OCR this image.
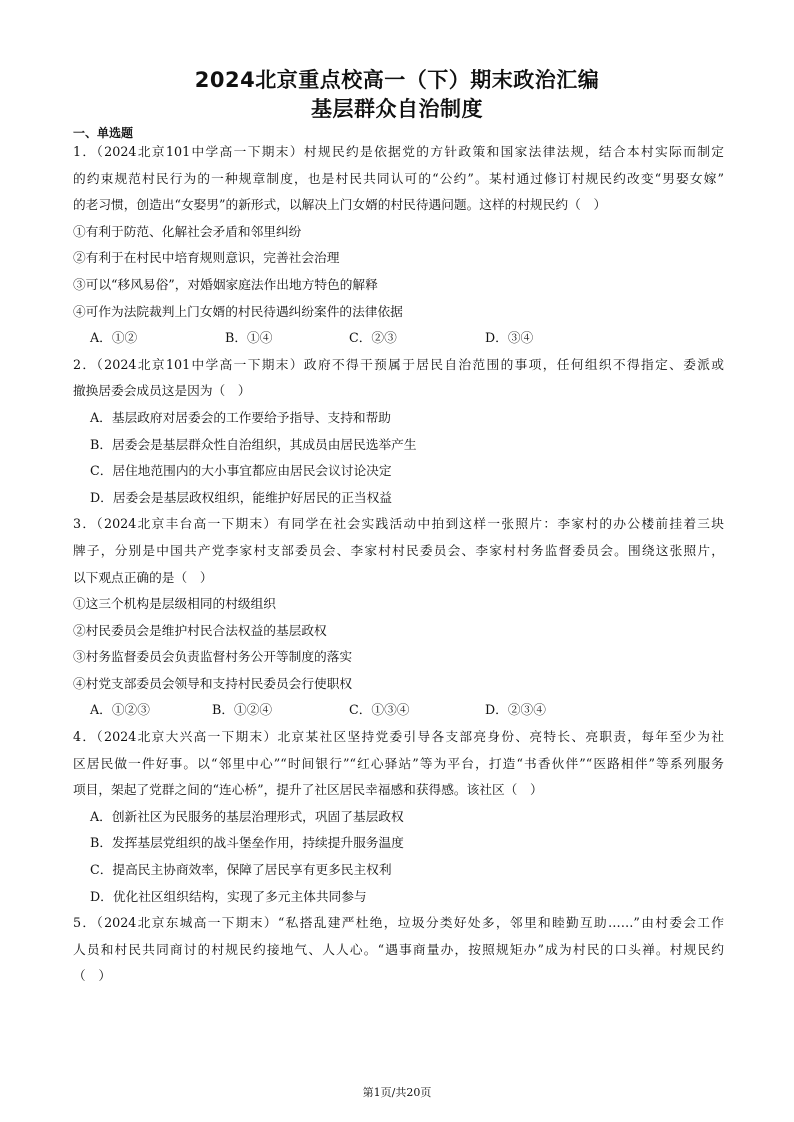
2024北京重点校高一（下）期末政治汇编
基层群众自治制度
一、单选题
1．（2024北京101中学高一下期末）村规民约是依据党的方针政策和国家法律法规，结合本村实际而制定
的约束规范村民行为的一种规章制度，也是村民共同认可的“公约”。某村通过修订村规民约改变“男娶女嫁”
的老习惯，创造出“女娶男”的新形式，以解决上门女婿的村民待遇问题。这样的村规民约（　）
①有利于防范、化解社会矛盾和邻里纠纷
②有利于在村民中培育规则意识，完善社会治理
③可以“移风易俗”，对婚姻家庭法作出地方特色的解释
④可作为法院裁判上门女婿的村民待遇纠纷案件的法律依据
A．①②	B．①④	C．②③	D．③④
2．（2024北京101中学高一下期末）政府不得干预属于居民自治范围的事项，任何组织不得指定、委派或
撤换居委会成员这是因为（　）
A．基层政府对居委会的工作要给予指导、支持和帮助
B．居委会是基层群众性自治组织，其成员由居民选举产生
C．居住地范围内的大小事宜都应由居民会议讨论决定
D．居委会是基层政权组织，能维护好居民的正当权益
3．（2024北京丰台高一下期末）有同学在社会实践活动中拍到这样一张照片：李家村的办公楼前挂着三块
牌子，分别是中国共产党李家村支部委员会、李家村村民委员会、李家村村务监督委员会。围绕这张照片，
以下观点正确的是（　）
①这三个机构是层级相同的村级组织
②村民委员会是维护村民合法权益的基层政权
③村务监督委员会负责监督村务公开等制度的落实
④村党支部委员会领导和支持村民委员会行使职权
A．①②③	B．①②④	C．①③④	D．②③④
4．（2024北京大兴高一下期末）北京某社区坚持党委引导各支部亮身份、亮特长、亮职责，每年至少为社
区居民做一件好事。以“邻里中心”“时间银行”“红心驿站”等为平台，打造“书香伙伴”“医路相伴”等系列服务
项目，架起了党群之间的“连心桥”，提升了社区居民幸福感和获得感。该社区（　）
A．创新社区为民服务的基层治理形式，巩固了基层政权
B．发挥基层党组织的战斗堡垒作用，持续提升服务温度
C．提高民主协商效率，保障了居民享有更多民主权利
D．优化社区组织结构，实现了多元主体共同参与
5．（2024北京东城高一下期末）“私搭乱建严杜绝，垃圾分类好处多，邻里和睦勤互助……”由村委会工作
人员和村民共同商讨的村规民约接地气、人人心。“遇事商量办，按照规矩办”成为村民的口头禅。村规民约
（　）
第1页/共20页
